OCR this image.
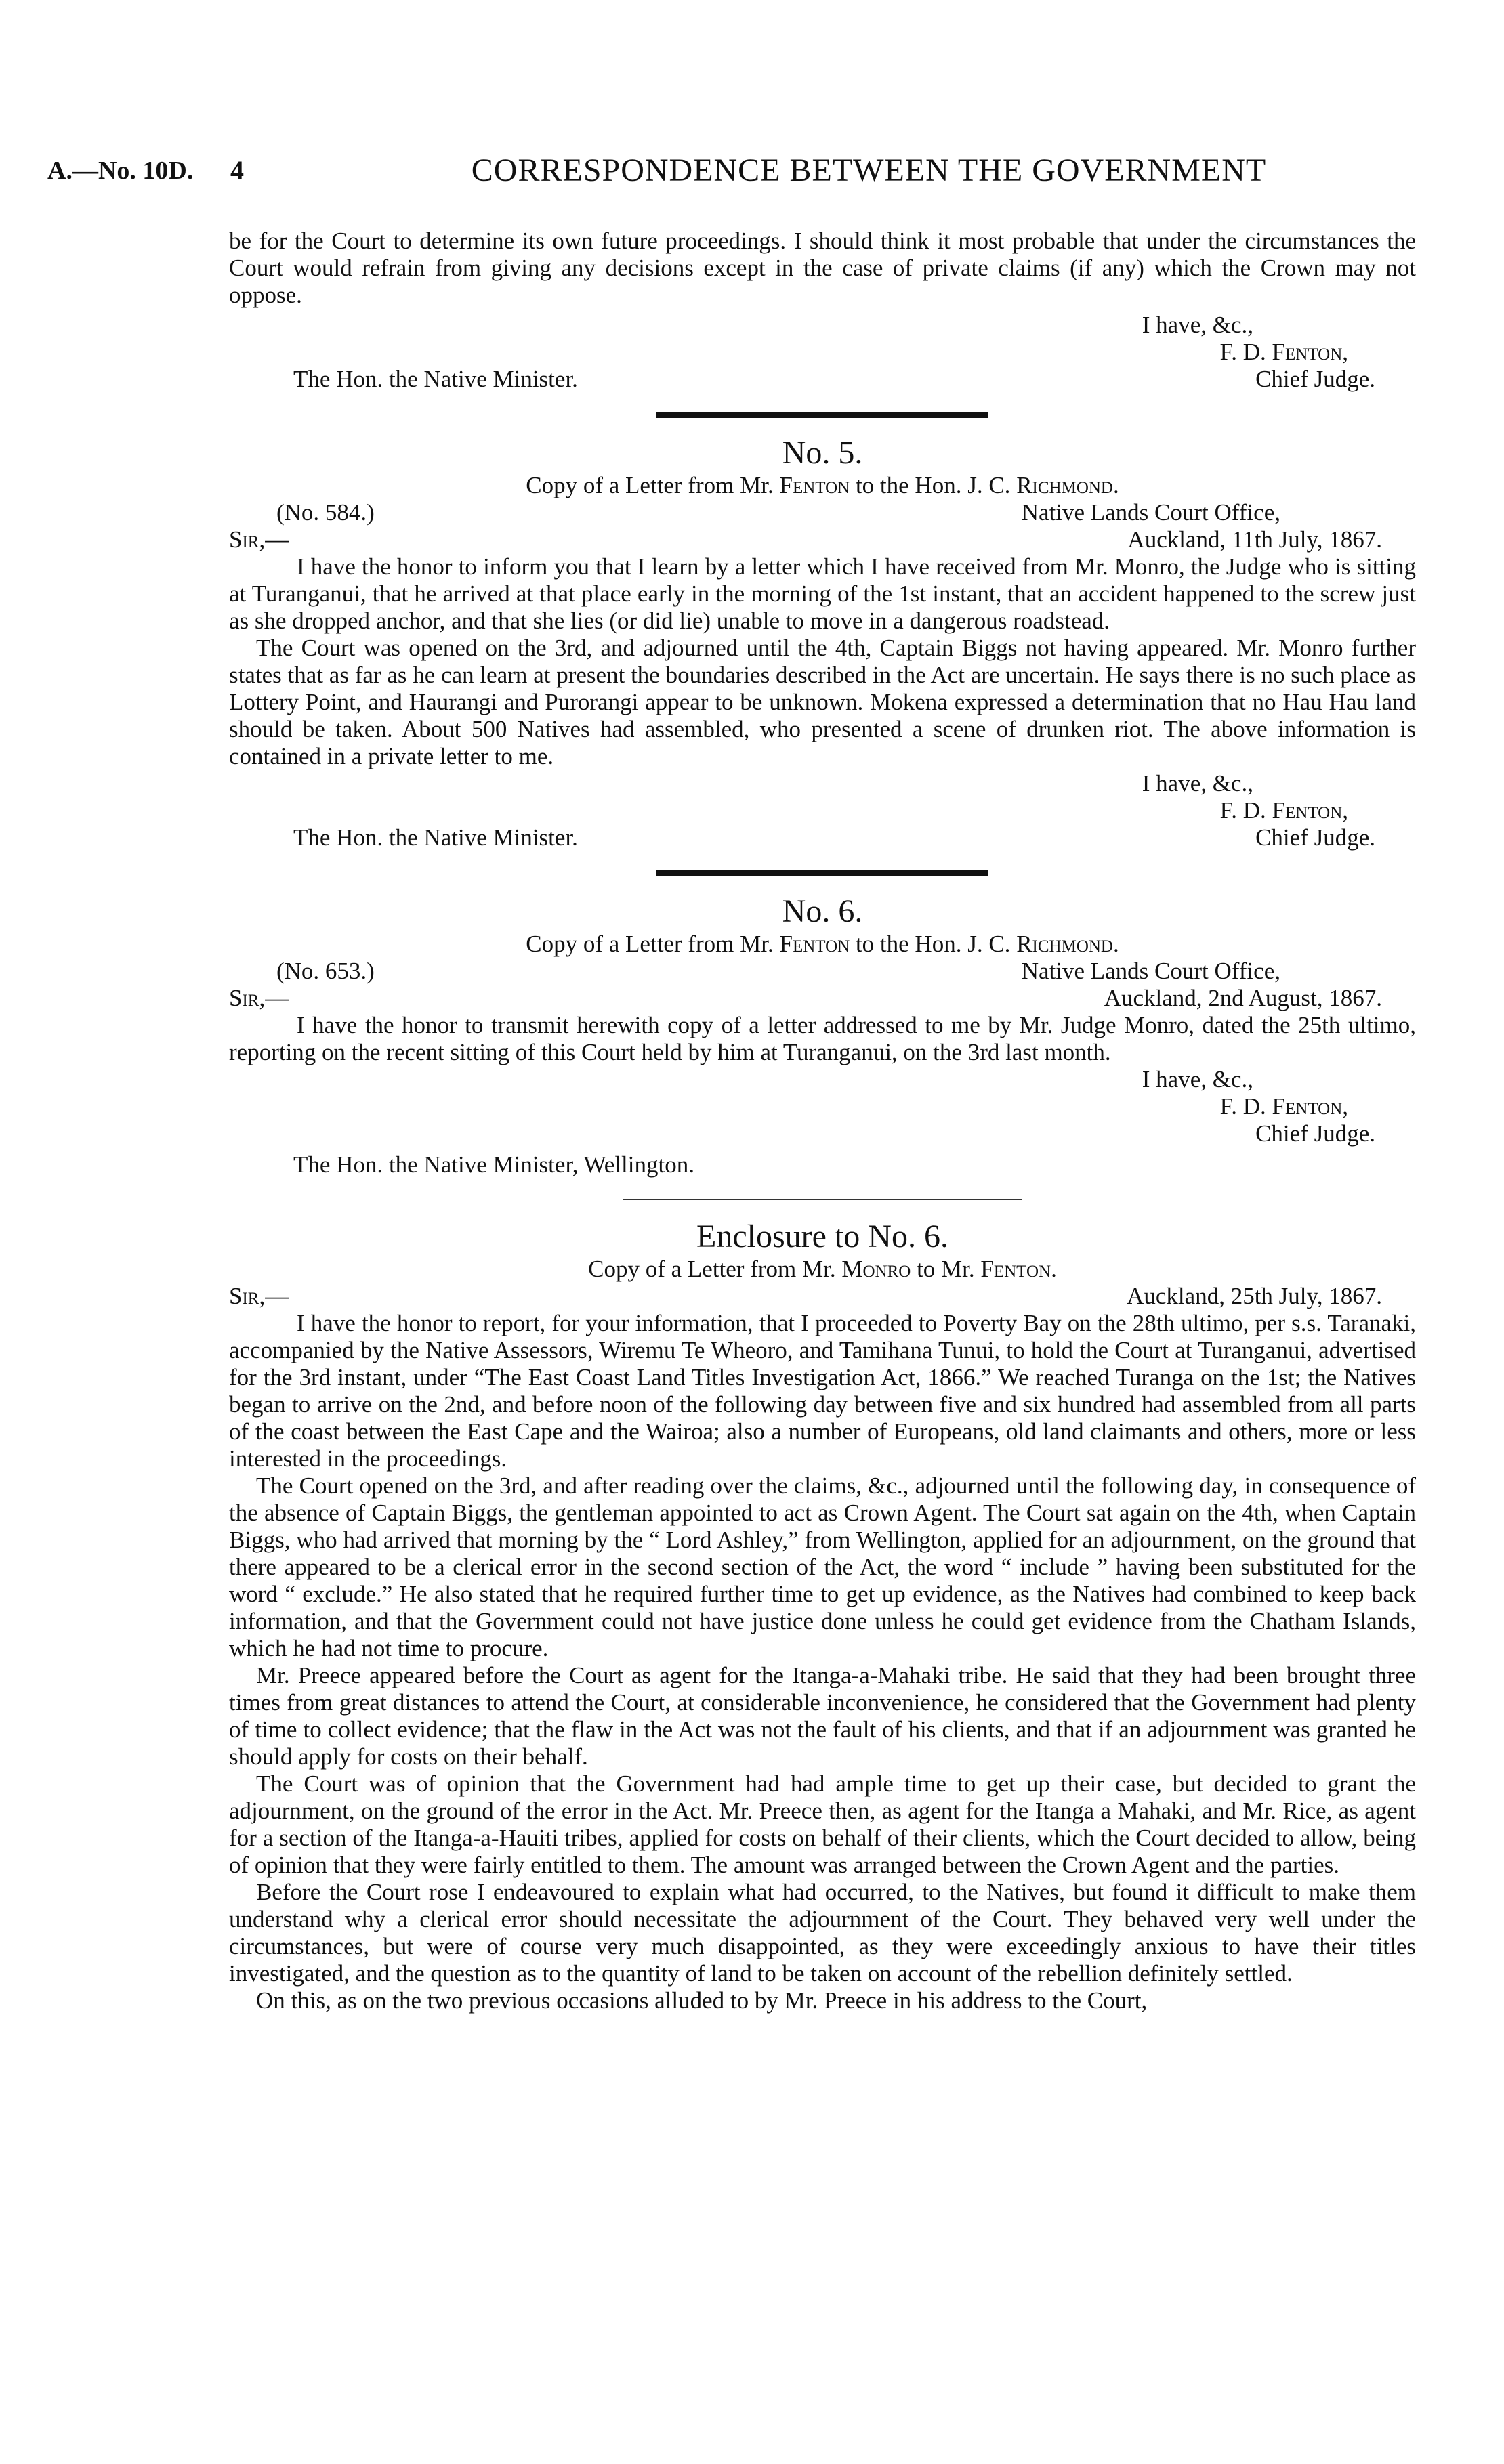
A.—No. 10D. 4	CORRESPONDENCE BETWEEN THE GOVERNMENT

be for the Court to determine its own future proceedings. I should think it most probable that under the circumstances the Court would refrain from giving any decisions except in the case of private claims (if any) which the Crown may not oppose.

I have, &c.,
F. D. Fenton,
The Hon. the Native Minister.	Chief Judge.
No. 5.
Copy of a Letter from Mr. Fenton to the Hon. J. C. Richmond.
(No. 584.)	Native Lands Court Office,
Sir,—	Auckland, 11th July, 1867.

I have the honor to inform you that I learn by a letter which I have received from Mr. Monro, the Judge who is sitting at Turanganui, that he arrived at that place early in the morning of the 1st instant, that an accident happened to the screw just as she dropped anchor, and that she lies (or did lie) unable to move in a dangerous roadstead.

The Court was opened on the 3rd, and adjourned until the 4th, Captain Biggs not having appeared. Mr. Monro further states that as far as he can learn at present the boundaries described in the Act are uncertain. He says there is no such place as Lottery Point, and Haurangi and Purorangi appear to be unknown. Mokena expressed a determination that no Hau Hau land should be taken. About 500 Natives had assembled, who presented a scene of drunken riot. The above information is contained in a private letter to me.

I have, &c.,
F. D. Fenton,
The Hon. the Native Minister.	Chief Judge.
No. 6.
Copy of a Letter from Mr. Fenton to the Hon. J. C. Richmond.
(No. 653.)	Native Lands Court Office,
Sir,—	Auckland, 2nd August, 1867.

I have the honor to transmit herewith copy of a letter addressed to me by Mr. Judge Monro, dated the 25th ultimo, reporting on the recent sitting of this Court held by him at Turanganui, on the 3rd last month.

I have, &c.,
F. D. Fenton,
Chief Judge.
The Hon. the Native Minister, Wellington.
Enclosure to No. 6.
Copy of a Letter from Mr. Monro to Mr. Fenton.
Sir,—	Auckland, 25th July, 1867.

I have the honor to report, for your information, that I proceeded to Poverty Bay on the 28th ultimo, per s.s. Taranaki, accompanied by the Native Assessors, Wiremu Te Wheoro, and Tamihana Tunui, to hold the Court at Turanganui, advertised for the 3rd instant, under “The East Coast Land Titles Investigation Act, 1866.” We reached Turanga on the 1st; the Natives began to arrive on the 2nd, and before noon of the following day between five and six hundred had assembled from all parts of the coast between the East Cape and the Wairoa; also a number of Europeans, old land claimants and others, more or less interested in the proceedings.

The Court opened on the 3rd, and after reading over the claims, &c., adjourned until the following day, in consequence of the absence of Captain Biggs, the gentleman appointed to act as Crown Agent. The Court sat again on the 4th, when Captain Biggs, who had arrived that morning by the “ Lord Ashley,” from Wellington, applied for an adjournment, on the ground that there appeared to be a clerical error in the second section of the Act, the word “ include ” having been substituted for the word “ exclude.” He also stated that he required further time to get up evidence, as the Natives had combined to keep back information, and that the Government could not have justice done unless he could get evidence from the Chatham Islands, which he had not time to procure.

Mr. Preece appeared before the Court as agent for the Itanga-a-Mahaki tribe. He said that they had been brought three times from great distances to attend the Court, at considerable inconvenience, he considered that the Government had plenty of time to collect evidence; that the flaw in the Act was not the fault of his clients, and that if an adjournment was granted he should apply for costs on their behalf.

The Court was of opinion that the Government had had ample time to get up their case, but decided to grant the adjournment, on the ground of the error in the Act. Mr. Preece then, as agent for the Itanga a Mahaki, and Mr. Rice, as agent for a section of the Itanga-a-Hauiti tribes, applied for costs on behalf of their clients, which the Court decided to allow, being of opinion that they were fairly entitled to them. The amount was arranged between the Crown Agent and the parties.

Before the Court rose I endeavoured to explain what had occurred, to the Natives, but found it difficult to make them understand why a clerical error should necessitate the adjournment of the Court. They behaved very well under the circumstances, but were of course very much disappointed, as they were exceedingly anxious to have their titles investigated, and the question as to the quantity of land to be taken on account of the rebellion definitely settled.

On this, as on the two previous occasions alluded to by Mr. Preece in his address to the Court,
